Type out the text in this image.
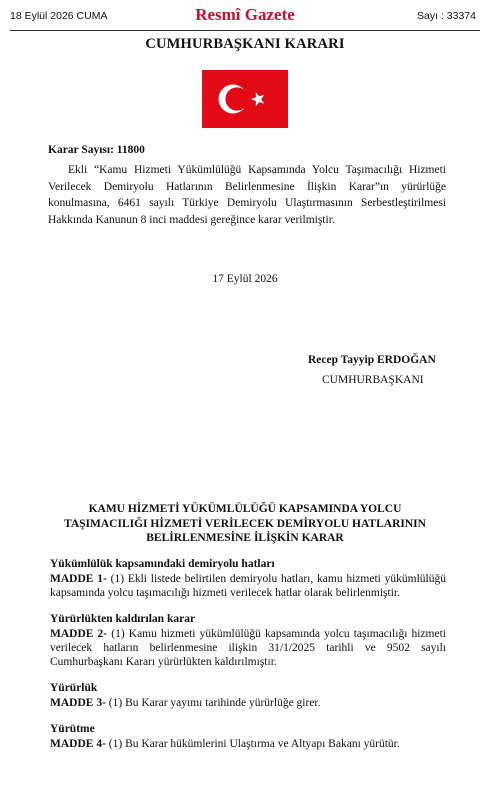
18 Eylül 2026 CUMA	Resmî Gazete	Sayı : 33374
CUMHURBAŞKANI KARARI
Karar Sayısı: 11800
Ekli “Kamu Hizmeti Yükümlülüğü Kapsamında Yolcu Taşımacılığı Hizmeti Verilecek Demiryolu Hatlarının Belirlenmesine İlişkin Karar”ın yürürlüğe konulmasına, 6461 sayılı Türkiye Demiryolu Ulaştırmasının Serbestleştirilmesi Hakkında Kanunun 8 inci maddesi gereğince karar verilmiştir.
17 Eylül 2026
Recep Tayyip ERDOĞAN
CUMHURBAŞKANI
KAMU HİZMETİ YÜKÜMLÜLÜĞÜ KAPSAMINDA YOLCU
TAŞIMACILIĞI HİZMETİ VERİLECEK DEMİRYOLU HATLARININ
BELİRLENMESİNE İLİŞKİN KARAR
Yükümlülük kapsamındaki demiryolu hatları
MADDE 1- (1) Ekli listede belirtilen demiryolu hatları, kamu hizmeti yükümlülüğü kapsamında yolcu taşımacılığı hizmeti verilecek hatlar olarak belirlenmiştir.
Yürürlükten kaldırılan karar
MADDE 2- (1) Kamu hizmeti yükümlülüğü kapsamında yolcu taşımacılığı hizmeti verilecek hatların belirlenmesine ilişkin 31/1/2025 tarihli ve 9502 sayılı Cumhurbaşkanı Kararı yürürlükten kaldırılmıştır.
Yürürlük
MADDE 3- (1) Bu Karar yayımı tarihinde yürürlüğe girer.
Yürütme
MADDE 4- (1) Bu Karar hükümlerini Ulaştırma ve Altyapı Bakanı yürütür.
